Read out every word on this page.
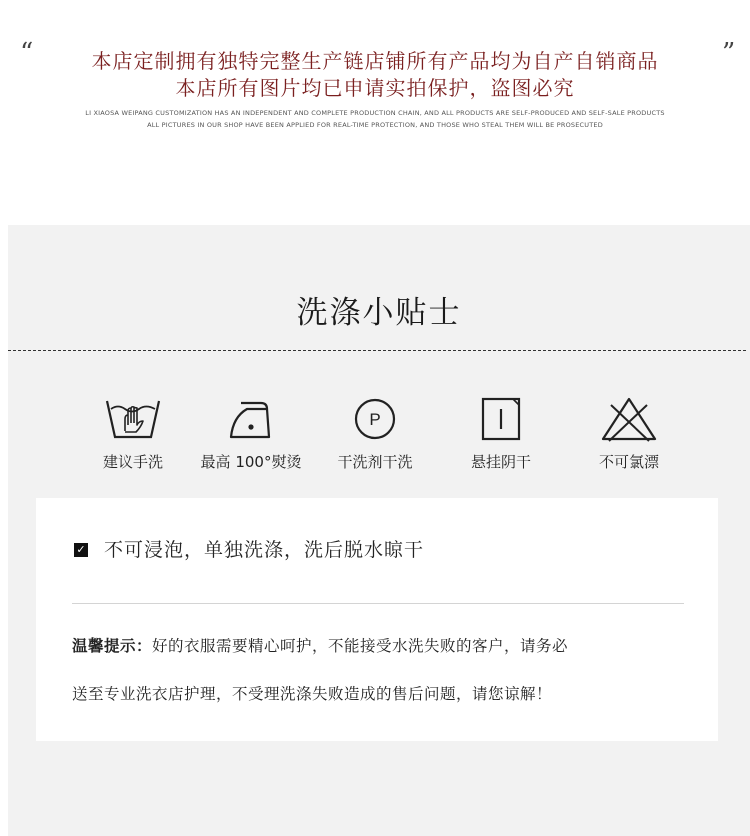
“	”
本店定制拥有独特完整生产链店铺所有产品均为自产自销商品
本店所有图片均已申请实拍保护，盗图必究
LI XIAOSA WEIPANG CUSTOMIZATION HAS AN INDEPENDENT AND COMPLETE PRODUCTION CHAIN, AND ALL PRODUCTS ARE SELF-PRODUCED AND SELF-SALE PRODUCTS
ALL PICTURES IN OUR SHOP HAVE BEEN APPLIED FOR REAL-TIME PROTECTION, AND THOSE WHO STEAL THEM WILL BE PROSECUTED
洗涤小贴士
建议手洗	最高 100°熨烫
P
干洗剂干洗	悬挂阴干	不可氯漂
✓ 不可浸泡，单独洗涤，洗后脱水晾干
温馨提示：好的衣服需要精心呵护，不能接受水洗失败的客户，请务必
送至专业洗衣店护理，不受理洗涤失败造成的售后问题，请您谅解！
